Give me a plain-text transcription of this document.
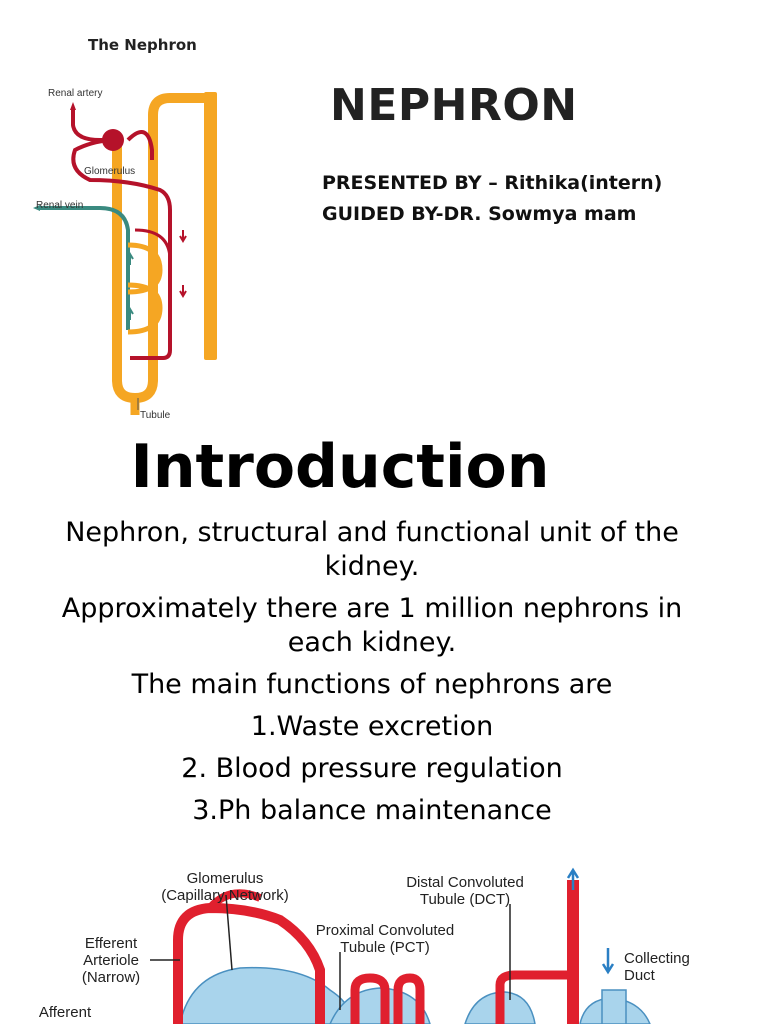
The Nephron
Renal artery
Glomerulus
Renal vein
Tubule
NEPHRON
PRESENTED BY – Rithika(intern)
GUIDED BY-DR. Sowmya mam
Introduction

Nephron, structural and functional unit of the kidney.

Approximately there are 1 million nephrons in each kidney.

The main functions of nephrons are

1.Waste excretion

2. Blood pressure regulation

3.Ph balance maintenance

Glomerulus
(Capillary Network)
Efferent
Arteriole
(Narrow)
Afferent
Proximal Convoluted
Tubule (PCT)
Distal Convoluted
Tubule (DCT)
Collecting
Duct
